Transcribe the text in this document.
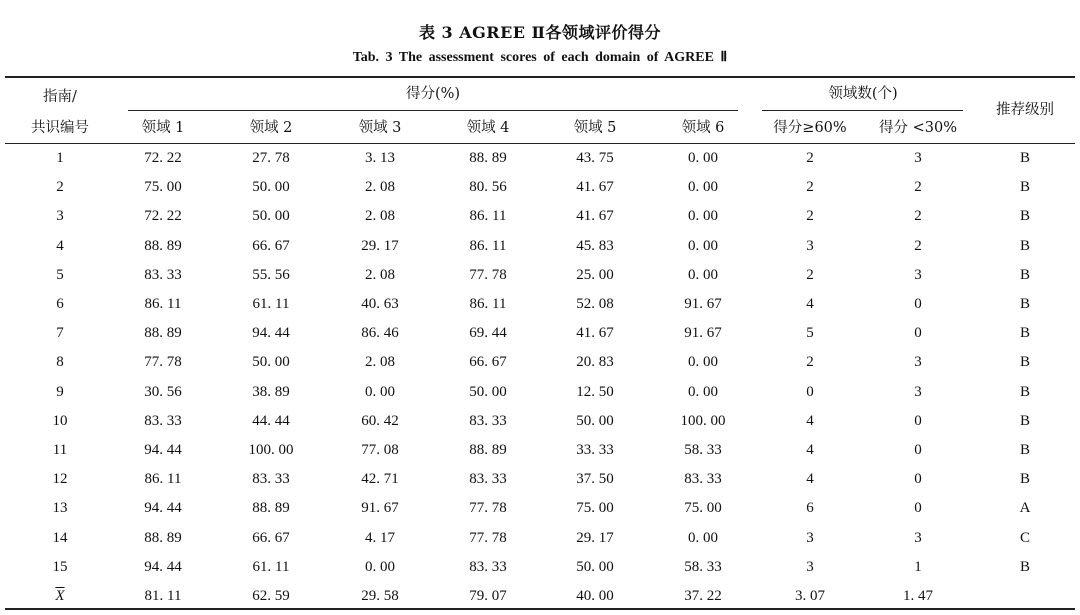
表 3 AGREE Ⅱ各领域评价得分
Tab. 3 The assessment scores of each domain of AGREE Ⅱ
指南/
共识编号
得分(%)	领域数(个)
推荐级别
领域 1	领域 2	领域 3	领域 4	领域 5	领域 6	得分≥60%	得分 <30%
1	72. 22	27. 78	3. 13	88. 89	43. 75	0. 00	2	3	B
2	75. 00	50. 00	2. 08	80. 56	41. 67	0. 00	2	2	B
3	72. 22	50. 00	2. 08	86. 11	41. 67	0. 00	2	2	B
4	88. 89	66. 67	29. 17	86. 11	45. 83	0. 00	3	2	B
5	83. 33	55. 56	2. 08	77. 78	25. 00	0. 00	2	3	B
6	86. 11	61. 11	40. 63	86. 11	52. 08	91. 67	4	0	B
7	88. 89	94. 44	86. 46	69. 44	41. 67	91. 67	5	0	B
8	77. 78	50. 00	2. 08	66. 67	20. 83	0. 00	2	3	B
9	30. 56	38. 89	0. 00	50. 00	12. 50	0. 00	0	3	B
10	83. 33	44. 44	60. 42	83. 33	50. 00	100. 00	4	0	B
11	94. 44	100. 00	77. 08	88. 89	33. 33	58. 33	4	0	B
12	86. 11	83. 33	42. 71	83. 33	37. 50	83. 33	4	0	B
13	94. 44	88. 89	91. 67	77. 78	75. 00	75. 00	6	0	A
14	88. 89	66. 67	4. 17	77. 78	29. 17	0. 00	3	3	C
15	94. 44	61. 11	0. 00	83. 33	50. 00	58. 33	3	1	B
$\overline{X}$	81. 11	62. 59	29. 58	79. 07	40. 00	37. 22	3. 07	1. 47
